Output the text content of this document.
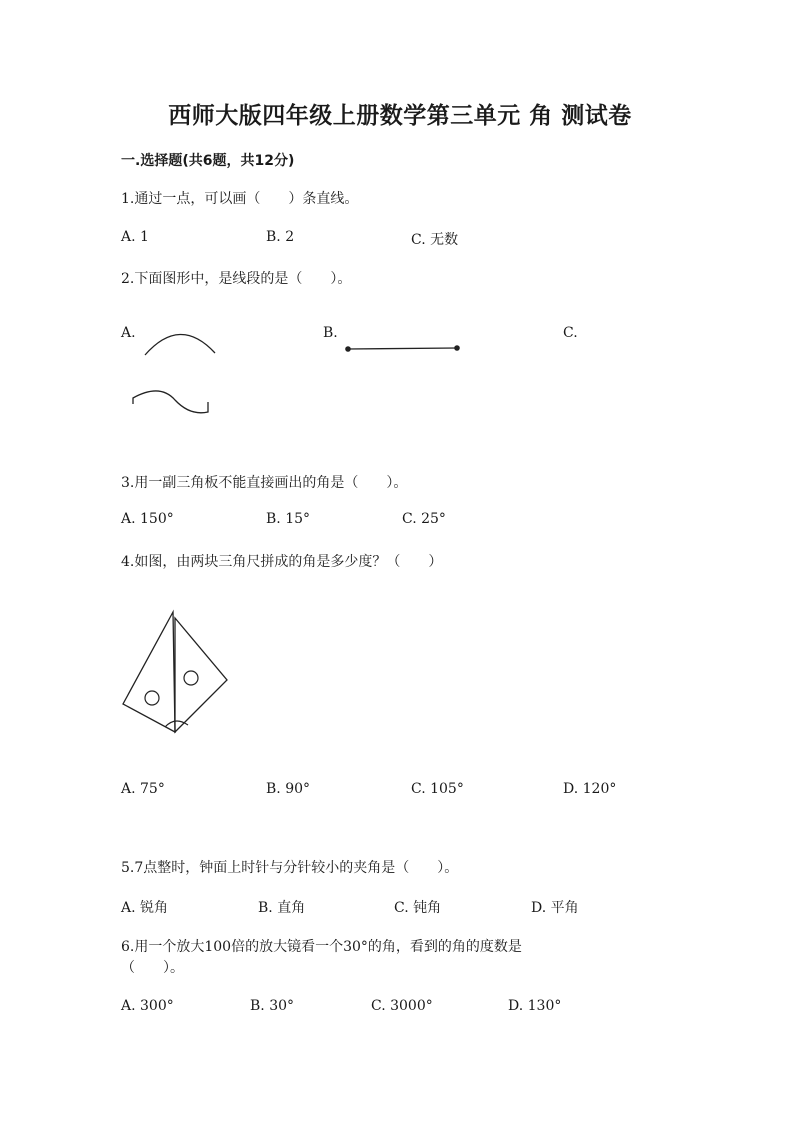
西师大版四年级上册数学第三单元 角 测试卷
一.选择题(共6题，共12分)
1.通过一点，可以画（　　）条直线。
A. 1	B. 2	C. 无数
2.下面图形中，是线段的是（　　）。
A.	B.	C.
3.用一副三角板不能直接画出的角是（　　）。
A. 150°	B. 15°	C. 25°
4.如图，由两块三角尺拼成的角是多少度？（　　）
A. 75°	B. 90°	C. 105°	D. 120°
5.7点整时，钟面上时针与分针较小的夹角是（　　）。
A. 锐角	B. 直角	C. 钝角	D. 平角
6.用一个放大100倍的放大镜看一个30°的角，看到的角的度数是
（　　）。
A. 300°	B. 30°	C. 3000°	D. 130°
